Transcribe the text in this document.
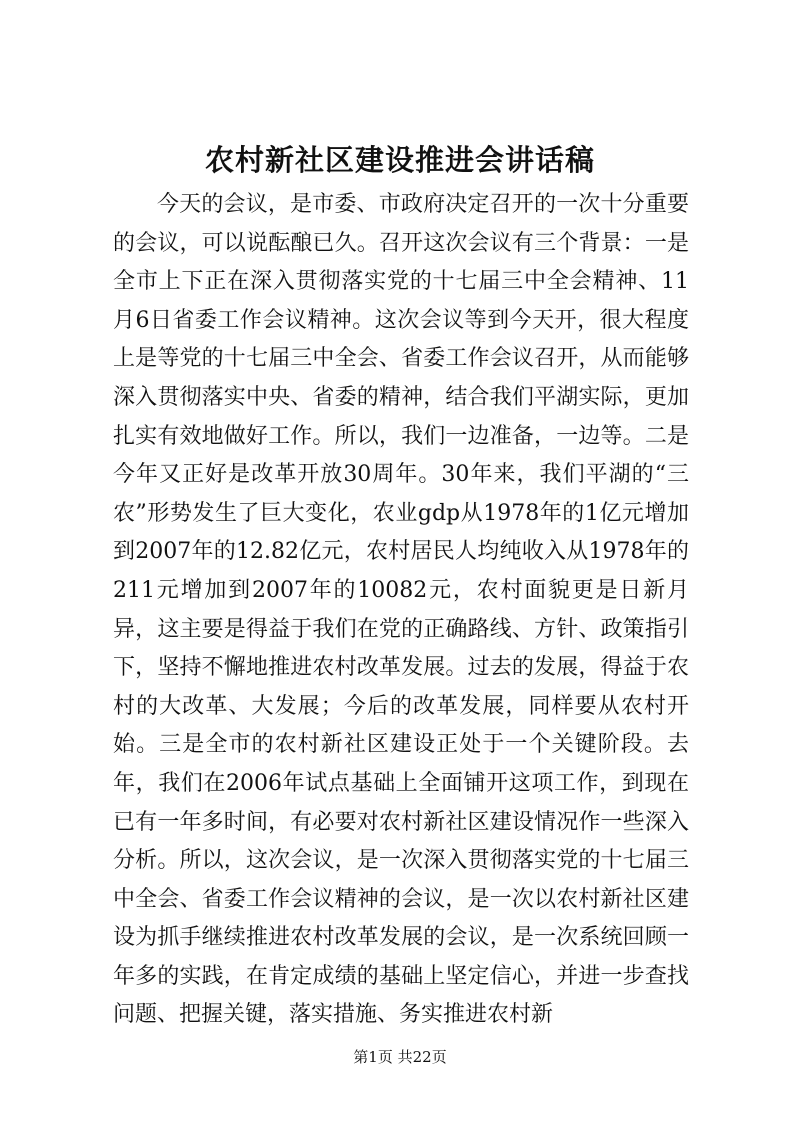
农村新社区建设推进会讲话稿

今天的会议，是市委、市政府决定召开的一次十分重要的会议，可以说酝酿已久。召开这次会议有三个背景：一是全市上下正在深入贯彻落实党的十七届三中全会精神、11月6日省委工作会议精神。这次会议等到今天开，很大程度上是等党的十七届三中全会、省委工作会议召开，从而能够深入贯彻落实中央、省委的精神，结合我们平湖实际，更加扎实有效地做好工作。所以，我们一边准备，一边等。二是今年又正好是改革开放30周年。30年来，我们平湖的“三农”形势发生了巨大变化，农业gdp从1978年的1亿元增加到2007年的12.82亿元，农村居民人均纯收入从1978年的211元增加到2007年的10082元，农村面貌更是日新月异，这主要是得益于我们在党的正确路线、方针、政策指引下，坚持不懈地推进农村改革发展。过去的发展，得益于农村的大改革、大发展；今后的改革发展，同样要从农村开始。三是全市的农村新社区建设正处于一个关键阶段。去年，我们在2006年试点基础上全面铺开这项工作，到现在已有一年多时间，有必要对农村新社区建设情况作一些深入分析。所以，这次会议，是一次深入贯彻落实党的十七届三中全会、省委工作会议精神的会议，是一次以农村新社区建设为抓手继续推进农村改革发展的会议，是一次系统回顾一年多的实践，在肯定成绩的基础上坚定信心，并进一步查找问题、把握关键，落实措施、务实推进农村新

第1页 共22页
